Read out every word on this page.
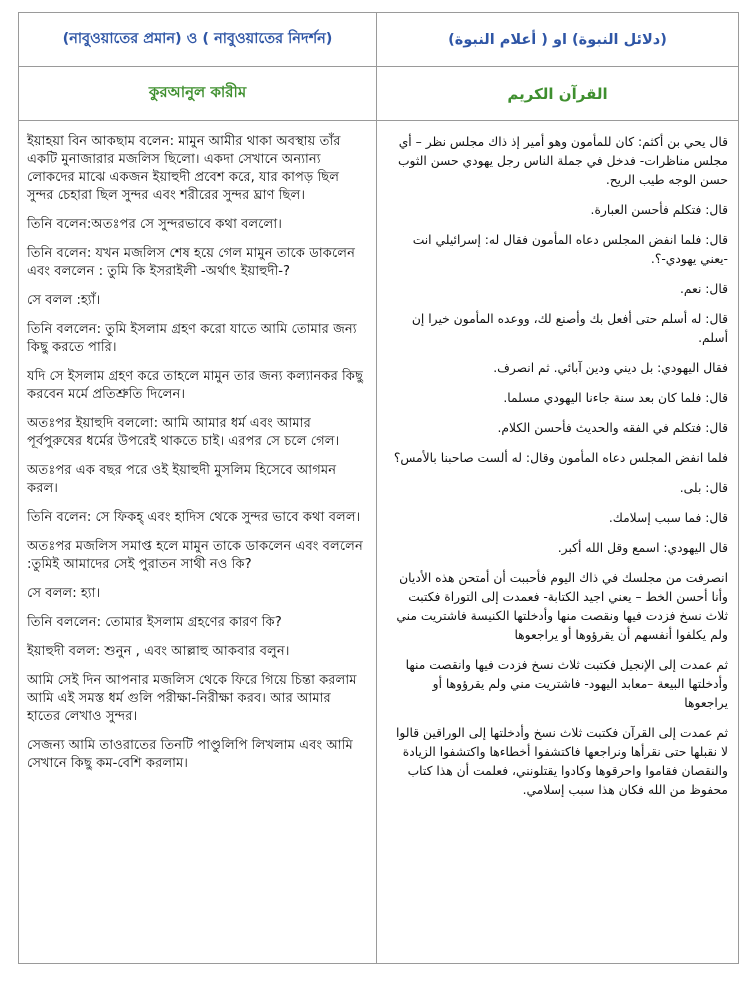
(নাবুওয়াতের প্রমান) ও ( নাবুওয়াতের নিদর্শন)
কুরআনুল কারীম

ইয়াহয়া বিন আকছাম বলেন: মামুন আমীর থাকা অবস্থায় তাঁর একটি মুনাজারার মজলিস ছিলো। একদা সেখানে অন্যান্য লোকদের মাঝে একজন ইয়াহুদী প্রবেশ করে, যার কাপড় ছিল সুন্দর চেহারা ছিল সুন্দর এবং শরীরের সুন্দর ঘ্রাণ ছিল।

তিনি বলেন:অতঃপর সে সুন্দরভাবে কথা বললো।

তিনি বলেন: যখন মজলিস শেষ হয়ে গেল মামুন তাকে ডাকলেন এবং বললেন : তুমি কি ইসরাইলী -অর্থাৎ ইয়াহুদী-?

সে বলল :হ্যাঁ।

তিনি বললেন: তুমি ইসলাম গ্রহণ করো যাতে আমি তোমার জন্য কিছু করতে পারি।

যদি সে ইসলাম গ্রহণ করে তাহলে মামুন তার জন্য কল্যানকর কিছু করবেন মর্মে প্রতিশ্রুতি দিলেন।

অতঃপর ইয়াহুদি বললো: আমি আমার ধর্ম এবং আমার পূর্বপুরুষের ধর্মের উপরেই থাকতে চাই। এরপর সে চলে গেল।

অতঃপর এক বছর পরে ওই ইয়াহুদী মুসলিম হিসেবে আগমন করল।

তিনি বলেন: সে ফিকহ্‌ এবং হাদিস থেকে সুন্দর ভাবে কথা বলল।

অতঃপর মজলিস সমাপ্ত হলে মামুন তাকে ডাকলেন এবং বললেন :তুমিই আমাদের সেই পুরাতন সাথী নও কি?

সে বলল: হ্যা।

তিনি বললেন: তোমার ইসলাম গ্রহণের কারণ কি?

ইয়াহুদী বলল: শুনুন , এবং আল্লাহু আকবার বলুন।

আমি সেই দিন আপনার মজলিস থেকে ফিরে গিয়ে চিন্তা করলাম আমি এই সমস্ত ধর্ম গুলি পরীক্ষা-নিরীক্ষা করব। আর আমার হাতের লেখাও সুন্দর।

সেজন্য আমি তাওরাতের তিনটি পাণ্ডুলিপি লিখলাম এবং আমি সেখানে কিছু কম-বেশি করলাম।

(دلائل النبوة) او ( أعلام النبوة)
القرآن الكريم

قال يحي بن أكثم: كان للمأمون وهو أمير إذ ذاك مجلس نظر – أي مجلس مناظرات- فدخل في جملة الناس رجل يهودي حسن الثوب حسن الوجه طيب الريح.

قال: فتكلم فأحسن العبارة.

قال: فلما انفض المجلس دعاه المأمون فقال له: إسرائيلي انت -يعني يهودي-؟.

قال: نعم.

قال: له أسلم حتى أفعل بك وأصنع لك، ووعده المأمون خيرا إن أسلم.

فقال اليهودي: بل ديني ودين آبائي. ثم انصرف.

قال: فلما كان بعد سنة جاءنا اليهودي مسلما.

قال: فتكلم في الفقه والحديث فأحسن الكلام.

فلما انفض المجلس دعاه المأمون وقال: له ألست صاحبنا بالأمس؟

قال: بلى.

قال: فما سبب إسلامك.

قال اليهودي: اسمع وقل الله أكبر.

انصرفت من مجلسك في ذاك اليوم فأحببت أن أمتحن هذه الأديان وأنا أحسن الخط – يعني اجيد الكتابة- فعمدت إلى التوراة فكتبت ثلاث نسخ فزدت فيها ونقصت منها وأدخلتها الكنيسة فاشتريت مني ولم يكلفوا أنفسهم أن يقرؤوها أو يراجعوها

ثم عمدت إلى الإنجيل فكتبت ثلاث نسخ فزدت فيها وانقصت منها وأدخلتها البيعة –معابد اليهود- فاشتريت مني ولم يقرؤوها أو يراجعوها

ثم عمدت إلى القرآن فكتبت ثلاث نسخ وأدخلتها إلى الوراقين قالوا لا نقبلها حتى نقرأها ونراجعها فاكتشفوا أخطاءها واكتشفوا الزيادة والنقصان فقاموا واحرقوها وكادوا يقتلونني، فعلمت أن هذا كتاب محفوظ من الله فكان هذا سبب إسلامي.
